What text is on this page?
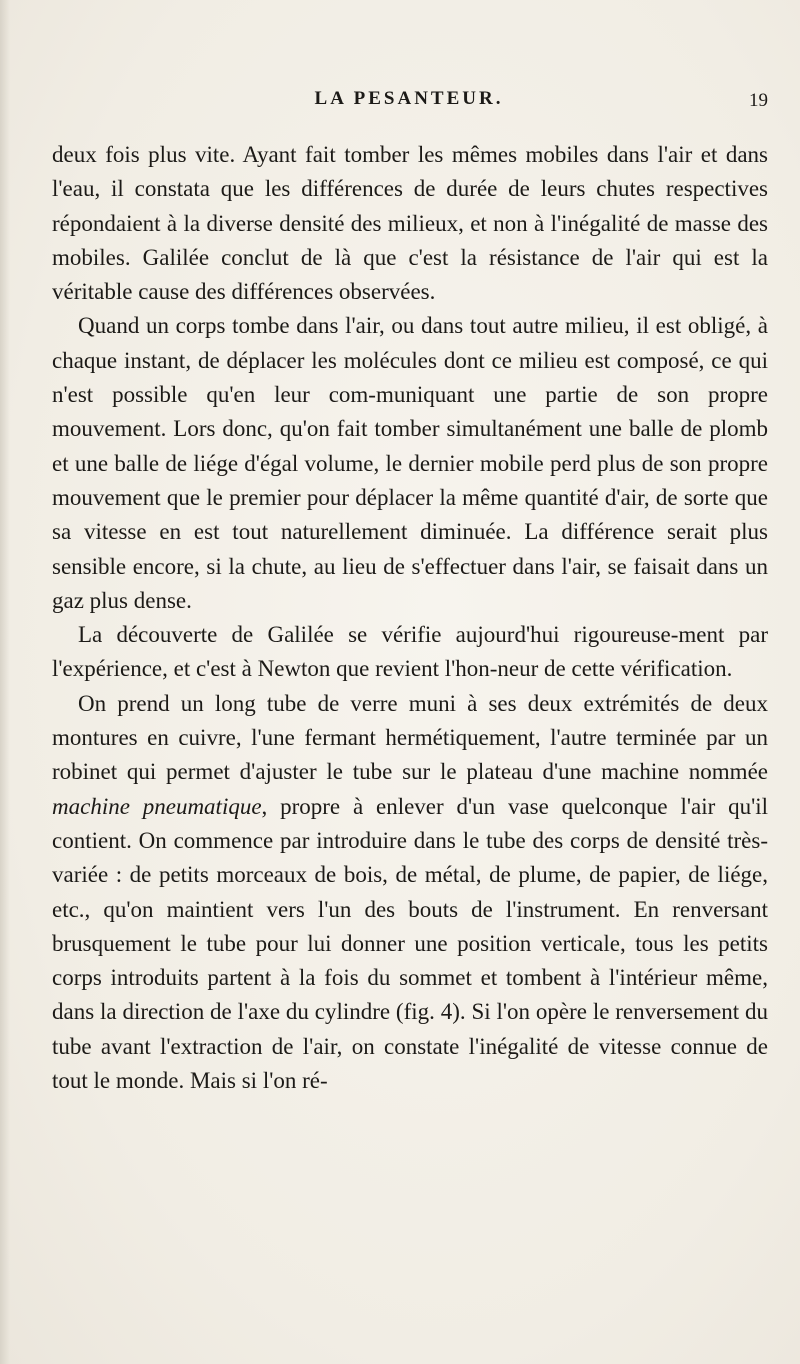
LA PESANTEUR.	19

deux fois plus vite. Ayant fait tomber les mêmes mobiles dans l'air et dans l'eau, il constata que les différences de durée de leurs chutes respectives répondaient à la diverse densité des milieux, et non à l'inégalité de masse des mobiles. Galilée conclut de là que c'est la résistance de l'air qui est la véritable cause des différences observées.

Quand un corps tombe dans l'air, ou dans tout autre milieu, il est obligé, à chaque instant, de déplacer les molécules dont ce milieu est composé, ce qui n'est possible qu'en leur com-muniquant une partie de son propre mouvement. Lors donc, qu'on fait tomber simultanément une balle de plomb et une balle de liége d'égal volume, le dernier mobile perd plus de son propre mouvement que le premier pour déplacer la même quantité d'air, de sorte que sa vitesse en est tout naturellement diminuée. La différence serait plus sensible encore, si la chute, au lieu de s'effectuer dans l'air, se faisait dans un gaz plus dense.

La découverte de Galilée se vérifie aujourd'hui rigoureuse-ment par l'expérience, et c'est à Newton que revient l'hon-neur de cette vérification.

On prend un long tube de verre muni à ses deux extrémités de deux montures en cuivre, l'une fermant hermétiquement, l'autre terminée par un robinet qui permet d'ajuster le tube sur le plateau d'une machine nommée machine pneumatique, propre à enlever d'un vase quelconque l'air qu'il contient. On commence par introduire dans le tube des corps de densité très-variée : de petits morceaux de bois, de métal, de plume, de papier, de liége, etc., qu'on maintient vers l'un des bouts de l'instrument. En renversant brusquement le tube pour lui donner une position verticale, tous les petits corps introduits partent à la fois du sommet et tombent à l'intérieur même, dans la direction de l'axe du cylindre (fig. 4). Si l'on opère le renversement du tube avant l'extraction de l'air, on constate l'inégalité de vitesse connue de tout le monde. Mais si l'on ré-
